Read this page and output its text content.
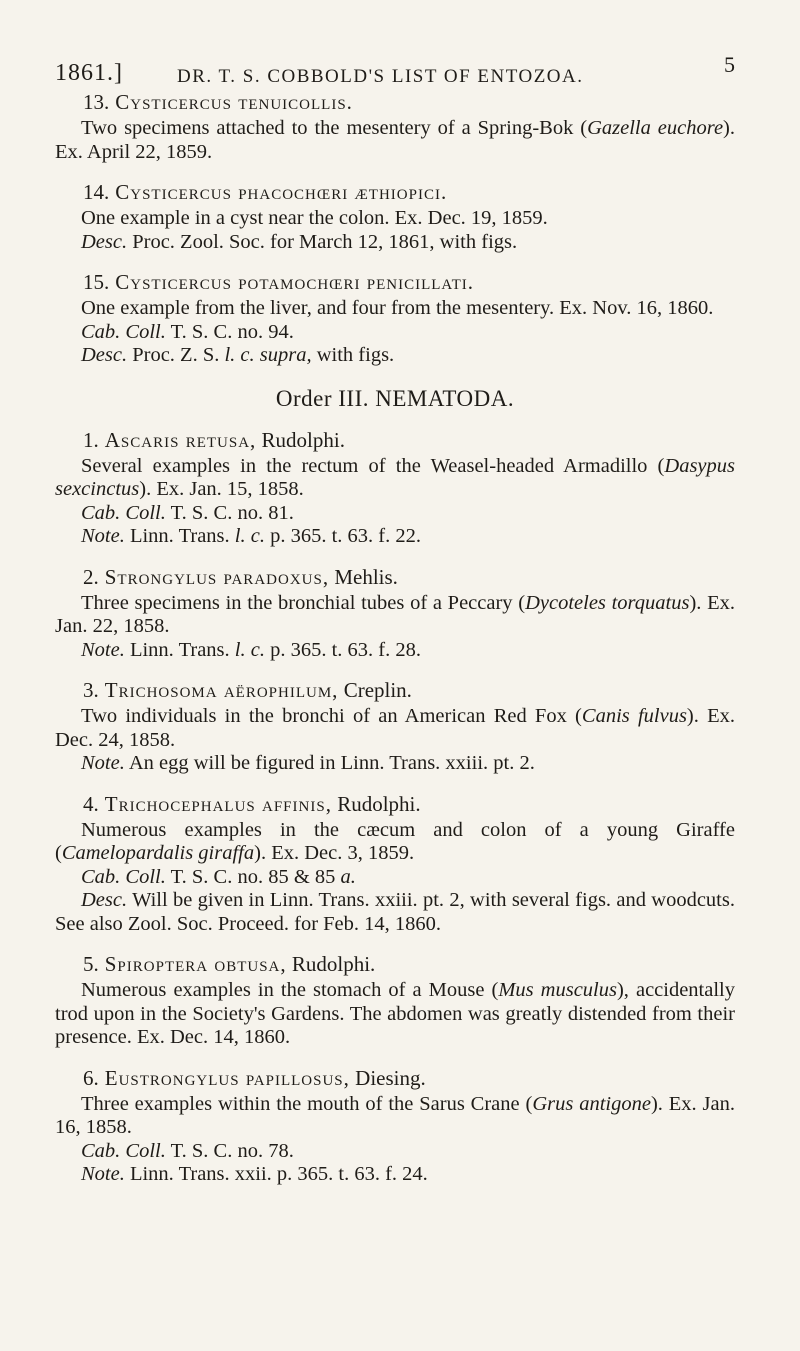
1861.]	DR. T. S. COBBOLD'S LIST OF ENTOZOA.	5
13. Cysticercus tenuicollis.
Two specimens attached to the mesentery of a Spring-Bok (Gazella euchore). Ex. April 22, 1859.
14. Cysticercus phacochœri æthiopici.
One example in a cyst near the colon. Ex. Dec. 19, 1859.
Desc. Proc. Zool. Soc. for March 12, 1861, with figs.
15. Cysticercus potamochœri penicillati.
One example from the liver, and four from the mesentery. Ex. Nov. 16, 1860.
Cab. Coll. T. S. C. no. 94.
Desc. Proc. Z. S. l. c. supra, with figs.
Order III. NEMATODA.
1. Ascaris retusa, Rudolphi.
Several examples in the rectum of the Weasel-headed Armadillo (Dasypus sexcinctus). Ex. Jan. 15, 1858.
Cab. Coll. T. S. C. no. 81.
Note. Linn. Trans. l. c. p. 365. t. 63. f. 22.
2. Strongylus paradoxus, Mehlis.
Three specimens in the bronchial tubes of a Peccary (Dycoteles torquatus). Ex. Jan. 22, 1858.
Note. Linn. Trans. l. c. p. 365. t. 63. f. 28.
3. Trichosoma aërophilum, Creplin.
Two individuals in the bronchi of an American Red Fox (Canis fulvus). Ex. Dec. 24, 1858.
Note. An egg will be figured in Linn. Trans. xxiii. pt. 2.
4. Trichocephalus affinis, Rudolphi.
Numerous examples in the cæcum and colon of a young Giraffe (Camelopardalis giraffa). Ex. Dec. 3, 1859.
Cab. Coll. T. S. C. no. 85 & 85 a.
Desc. Will be given in Linn. Trans. xxiii. pt. 2, with several figs. and woodcuts. See also Zool. Soc. Proceed. for Feb. 14, 1860.
5. Spiroptera obtusa, Rudolphi.
Numerous examples in the stomach of a Mouse (Mus musculus), accidentally trod upon in the Society's Gardens. The abdomen was greatly distended from their presence. Ex. Dec. 14, 1860.
6. Eustrongylus papillosus, Diesing.
Three examples within the mouth of the Sarus Crane (Grus antigone). Ex. Jan. 16, 1858.
Cab. Coll. T. S. C. no. 78.
Note. Linn. Trans. xxii. p. 365. t. 63. f. 24.
